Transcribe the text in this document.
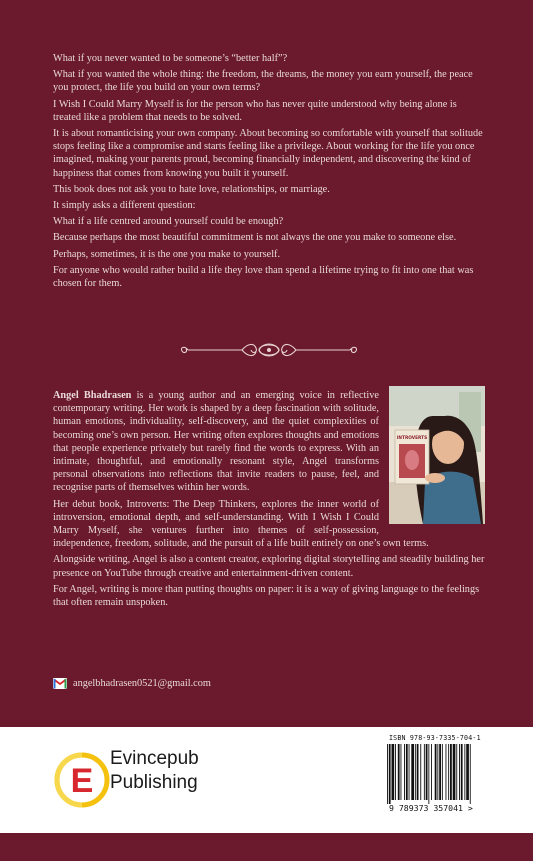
What if you never wanted to be someone’s “better half”?

What if you wanted the whole thing: the freedom, the dreams, the money you earn yourself, the peace you protect, the life you build on your own terms?

I Wish I Could Marry Myself is for the person who has never quite understood why being alone is treated like a problem that needs to be solved.

It is about romanticising your own company. About becoming so comfortable with yourself that solitude stops feeling like a compromise and starts feeling like a privilege. About working for the life you once imagined, making your parents proud, becoming financially independent, and discovering the kind of happiness that comes from knowing you built it yourself.

This book does not ask you to hate love, relationships, or marriage.

It simply asks a different question:

What if a life centred around yourself could be enough?

Because perhaps the most beautiful commitment is not always the one you make to someone else.

Perhaps, sometimes, it is the one you make to yourself.

For anyone who would rather build a life they love than spend a lifetime trying to fit into one that was chosen for them.

INTROVERTS

Angel Bhadrasen is a young author and an emerging voice in reflective contemporary writing. Her work is shaped by a deep fascination with solitude, human emotions, individuality, self-discovery, and the quiet complexities of becoming one’s own person. Her writing often explores thoughts and emotions that people experience privately but rarely find the words to express. With an intimate, thoughtful, and emotionally resonant style, Angel transforms personal observations into reflections that invite readers to pause, feel, and recognise parts of themselves within her words.

Her debut book, Introverts: The Deep Thinkers, explores the inner world of introversion, emotional depth, and self-understanding. With I Wish I Could Marry Myself, she ventures further into themes of self-possession, independence, freedom, solitude, and the pursuit of a life built entirely on one’s own terms.

Alongside writing, Angel is also a content creator, exploring digital storytelling and steadily building her presence on YouTube through creative and entertainment-driven content.

For Angel, writing is more than putting thoughts on paper: it is a way of giving language to the feelings that often remain unspoken.

angelbhadrasen0521@gmail.com
E
Evincepub
Publishing
ISBN 978-93-7335-704-1
9 789373 357041 >
